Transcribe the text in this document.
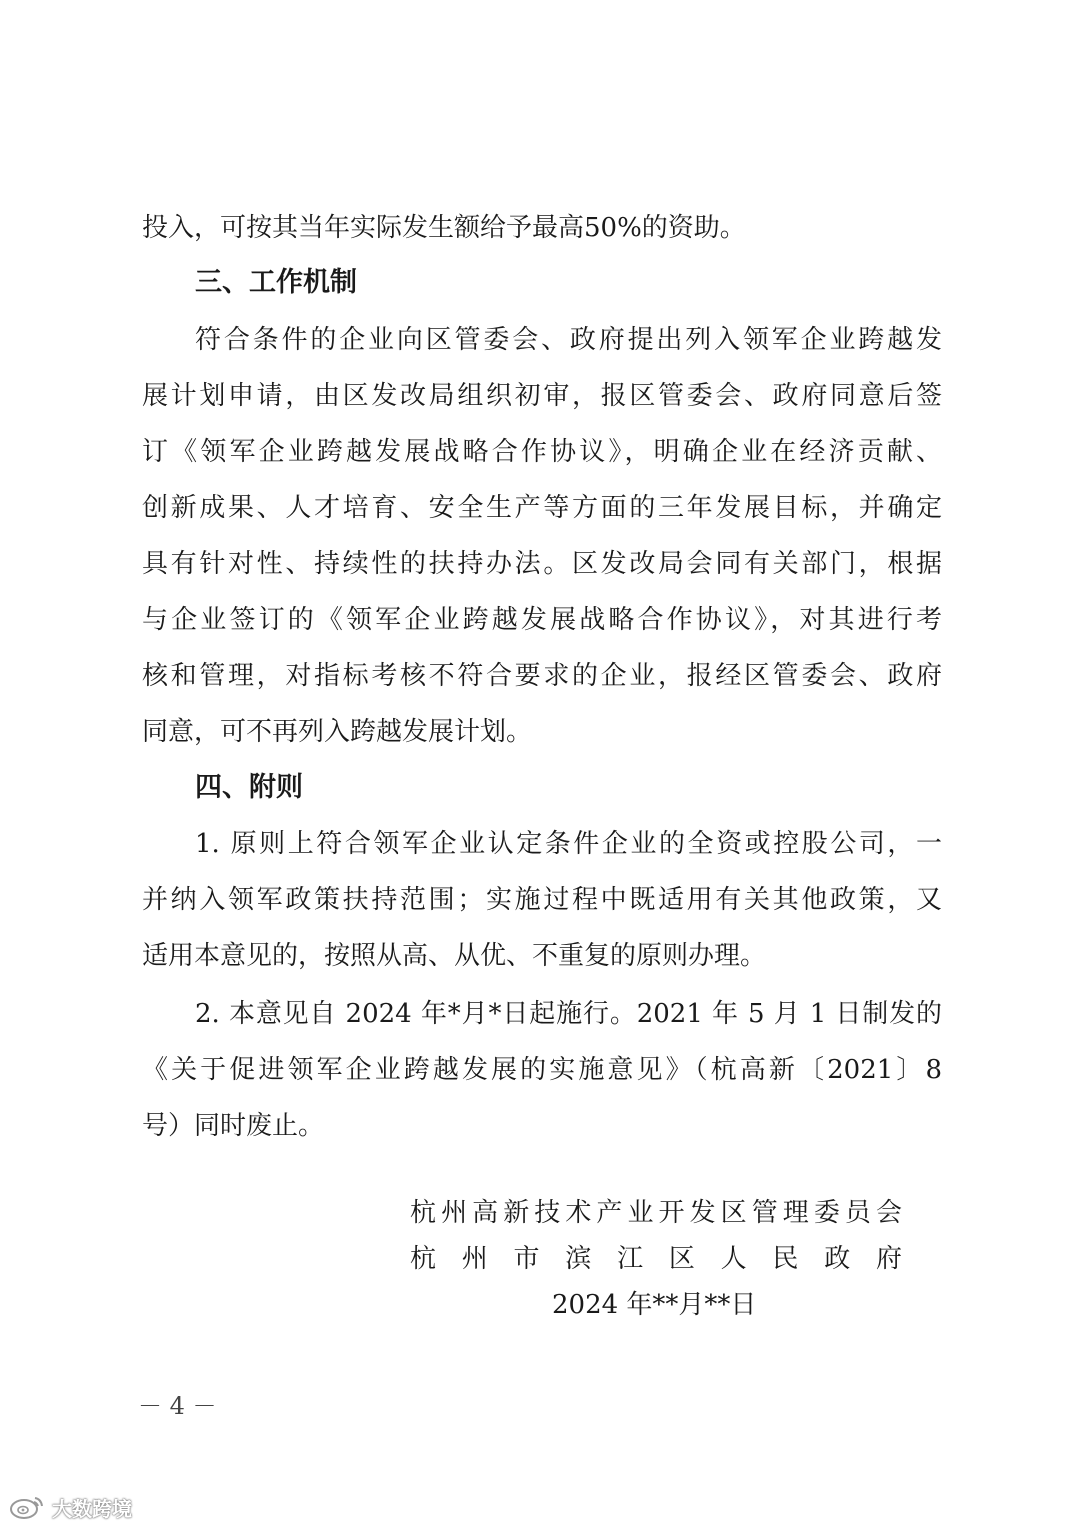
投入，可按其当年实际发生额给予最高50%的资助。
三、工作机制
符合条件的企业向区管委会、政府提出列入领军企业跨越发
展计划申请，由区发改局组织初审，报区管委会、政府同意后签
订《领军企业跨越发展战略合作协议》，明确企业在经济贡献、
创新成果、人才培育、安全生产等方面的三年发展目标，并确定
具有针对性、持续性的扶持办法。区发改局会同有关部门，根据
与企业签订的《领军企业跨越发展战略合作协议》，对其进行考
核和管理，对指标考核不符合要求的企业，报经区管委会、政府
同意，可不再列入跨越发展计划。
四、附则
1. 原则上符合领军企业认定条件企业的全资或控股公司，一
并纳入领军政策扶持范围；实施过程中既适用有关其他政策，又
适用本意见的，按照从高、从优、不重复的原则办理。
2. 本意见自 2024 年*月*日起施行。2021 年 5 月 1 日制发的
《关于促进领军企业跨越发展的实施意见》（杭高新〔2021〕8
号）同时废止。
杭州高新技术产业开发区管理委员会
杭州市滨江区人民政府
2024 年**月**日
－ 4 －
大数跨境
